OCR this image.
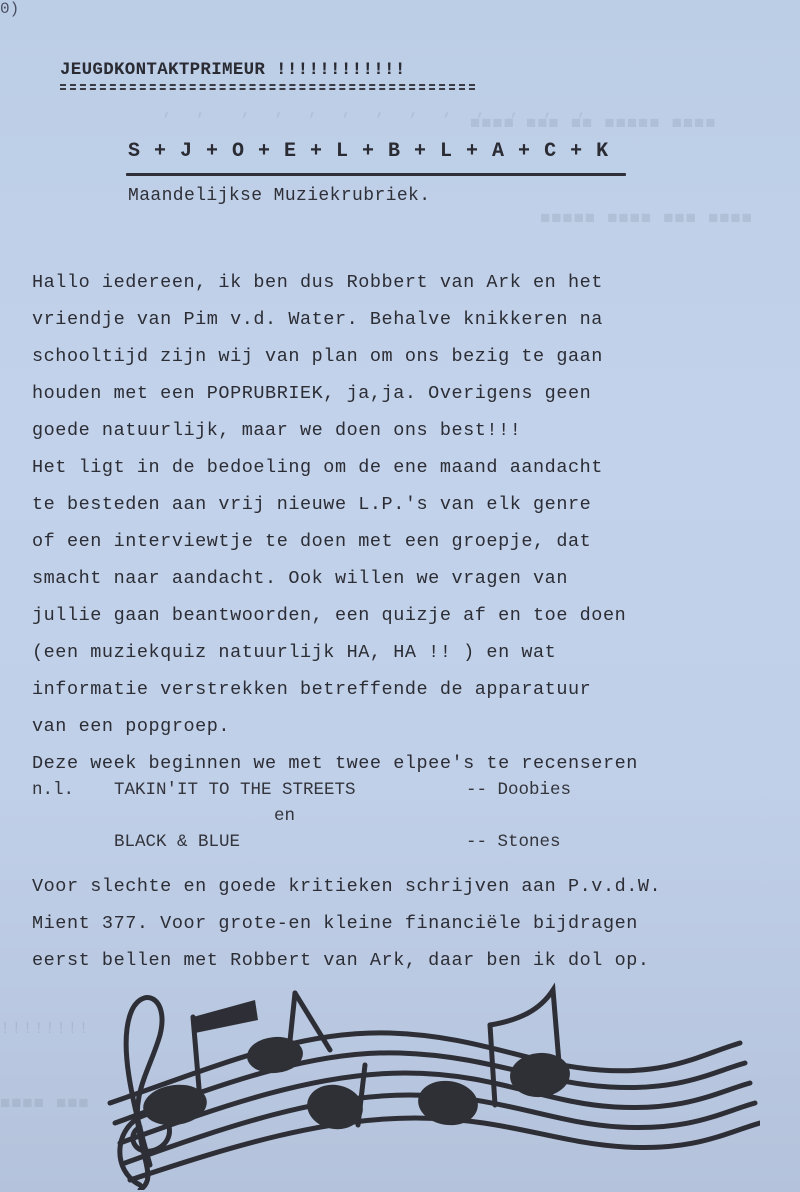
,  ,   ,  ,  ,  ,  ,  ,  ,  ,  ,  ,  ,
■■■■ ■■■ ■■ ■■■■■ ■■■■
■■■■■ ■■■■ ■■■ ■■■■
!!!!!!!!
■■■■ ■■■
0)
JEUGDKONTAKTPRIMEUR !!!!!!!!!!!!
S + J + O + E + L + B + L + A + C + K
Maandelijkse Muziekrubriek.
Hallo iedereen, ik ben dus Robbert van Ark en het
vriendje van Pim v.d. Water. Behalve knikkeren na
schooltijd zijn wij van plan om ons bezig te gaan
houden met een POPRUBRIEK, ja,ja. Overigens geen
goede natuurlijk, maar we doen ons best!!!
Het ligt in de bedoeling om de ene maand aandacht
te besteden aan vrij nieuwe L.P.'s van elk genre
of een interviewtje te doen met een groepje, dat
smacht naar aandacht. Ook willen we vragen van
jullie gaan beantwoorden, een quizje af en toe doen
(een muziekquiz natuurlijk HA, HA !! ) en wat
informatie verstrekken betreffende de apparatuur
van een popgroep.
Deze week beginnen we met twee elpee's te recenseren
n.l. TAKIN'IT TO THE STREETS	-- Doobies
en
BLACK & BLUE	-- Stones
Voor slechte en goede kritieken schrijven aan P.v.d.W.
Mient 377. Voor grote-en kleine financiële bijdragen
eerst bellen met Robbert van Ark, daar ben ik dol op.
